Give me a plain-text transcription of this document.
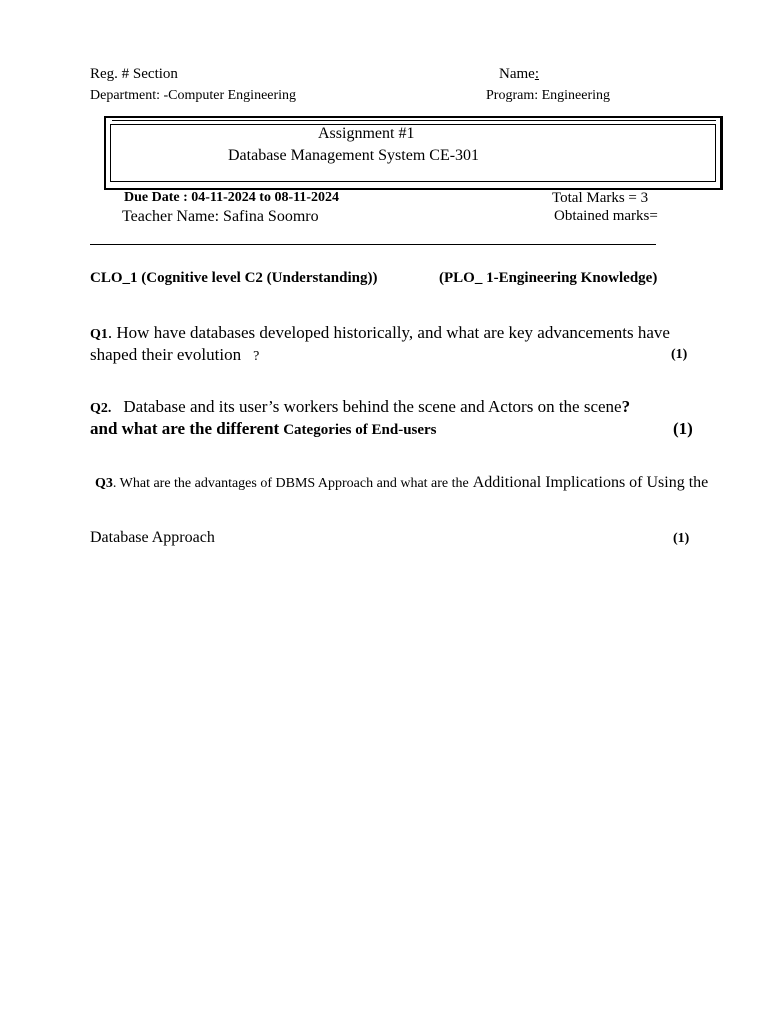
Reg. # Section	Name:
Department: -Computer Engineering	Program: Engineering
Assignment #1
Database Management System CE-301
Due Date : 04-11-2024 to 08-11-2024	Total Marks = 3
Teacher Name: Safina Soomro	Obtained marks=
CLO_1 (Cognitive level C2 (Understanding))	(PLO_ 1-Engineering Knowledge)
Q1. How have databases developed historically, and what are key advancements have
shaped their evolution ?	(1)
Q2. Database and its user’s workers behind the scene and Actors on the scene?
and what are the different Categories of End-users	(1)
Q3. What are the advantages of DBMS Approach and what are the Additional Implications of Using the
Database Approach	(1)
